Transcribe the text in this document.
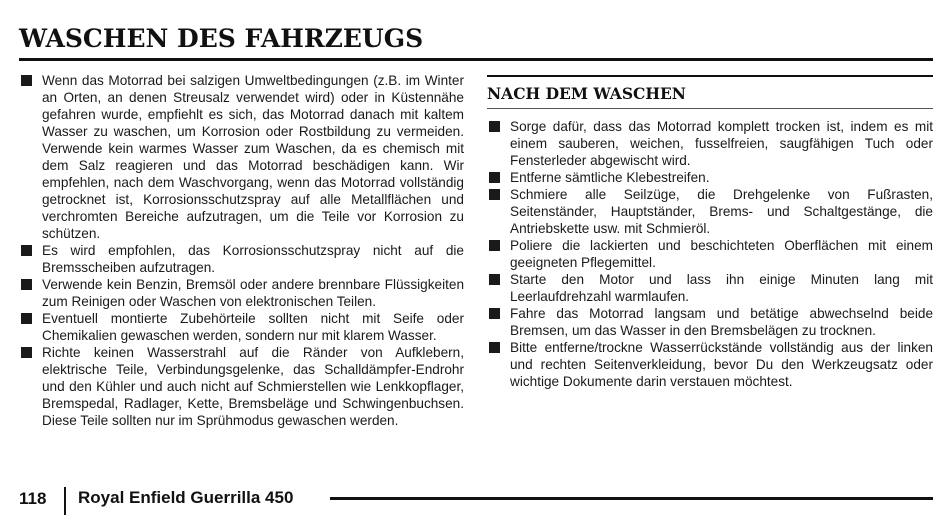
WASCHEN DES FAHRZEUGS
Wenn das Motorrad bei salzigen Umweltbedingungen (z.B. im Winter an Orten, an denen Streusalz verwendet wird) oder in Küstennähe gefahren wurde, empfiehlt es sich, das Motorrad danach mit kaltem Wasser zu waschen, um Korrosion oder Rostbildung zu vermeiden. Verwende kein warmes Wasser zum Waschen, da es chemisch mit dem Salz reagieren und das Motorrad beschädigen kann. Wir empfehlen, nach dem Waschvorgang, wenn das Motorrad vollständig getrocknet ist, Korrosionsschutzspray auf alle Metallflächen und verchromten Bereiche aufzutragen, um die Teile vor Korrosion zu schützen.
Es wird empfohlen, das Korrosionsschutzspray nicht auf die Bremsscheiben aufzutragen.
Verwende kein Benzin, Bremsöl oder andere brennbare Flüssigkeiten zum Reinigen oder Waschen von elektronischen Teilen.
Eventuell montierte Zubehörteile sollten nicht mit Seife oder Chemikalien gewaschen werden, sondern nur mit klarem Wasser.
Richte keinen Wasserstrahl auf die Ränder von Aufklebern, elektrische Teile, Verbindungsgelenke, das Schalldämpfer-Endrohr und den Kühler und auch nicht auf Schmierstellen wie Lenkkopflager, Bremspedal, Radlager, Kette, Bremsbeläge und Schwingenbuchsen. Diese Teile sollten nur im Sprühmodus gewaschen werden.
NACH DEM WASCHEN
Sorge dafür, dass das Motorrad komplett trocken ist, indem es mit einem sauberen, weichen, fusselfreien, saugfähigen Tuch oder Fensterleder abgewischt wird.
Entferne sämtliche Klebestreifen.
Schmiere alle Seilzüge, die Drehgelenke von Fußrasten, Seitenständer, Hauptständer, Brems- und Schaltgestänge, die Antriebskette usw. mit Schmieröl.
Poliere die lackierten und beschichteten Oberflächen mit einem geeigneten Pflegemittel.
Starte den Motor und lass ihn einige Minuten lang mit Leerlaufdrehzahl warmlaufen.
Fahre das Motorrad langsam und betätige abwechselnd beide Bremsen, um das Wasser in den Bremsbelägen zu trocknen.
Bitte entferne/trockne Wasserrückstände vollständig aus der linken und rechten Seitenverkleidung, bevor Du den Werkzeugsatz oder wichtige Dokumente darin verstauen möchtest.
118 Royal Enfield Guerrilla 450
